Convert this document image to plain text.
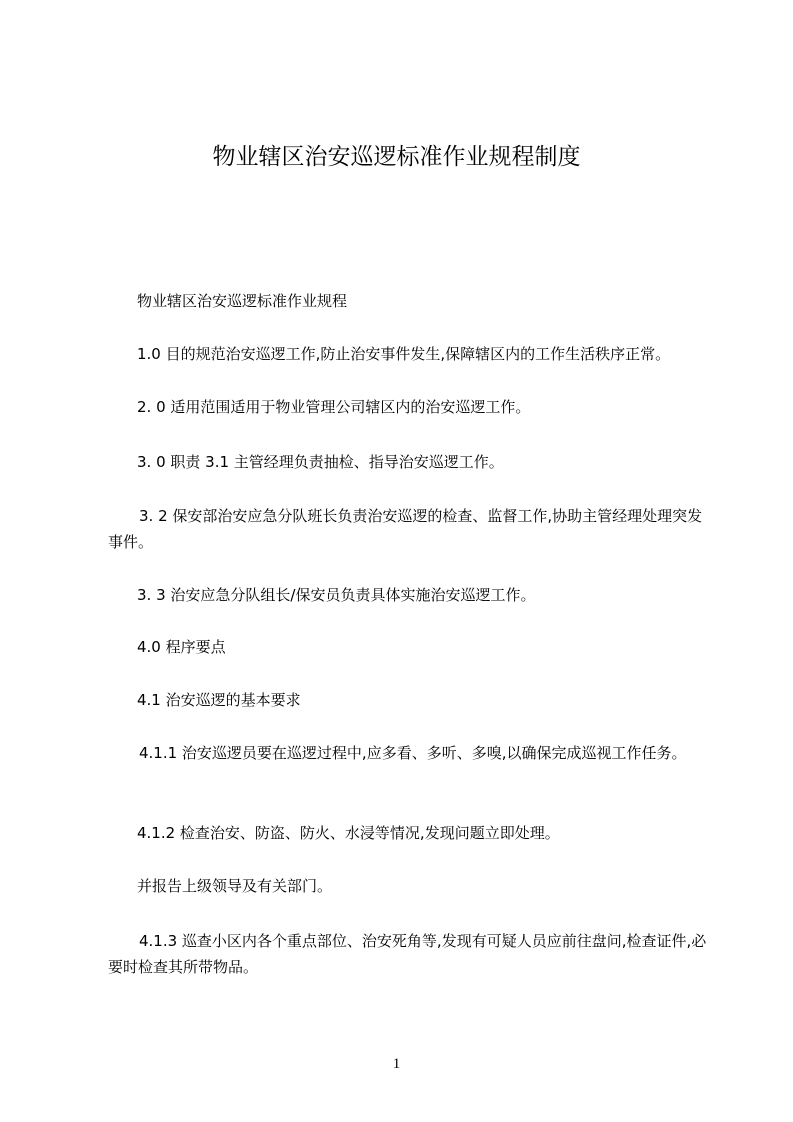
物业辖区治安巡逻标准作业规程制度

物业辖区治安巡逻标准作业规程

1.0 目的规范治安巡逻工作,防止治安事件发生,保障辖区内的工作生活秩序正常。

2. 0 适用范围适用于物业管理公司辖区内的治安巡逻工作。

3. 0 职责 3.1 主管经理负责抽检、指导治安巡逻工作。

3. 2 保安部治安应急分队班长负责治安巡逻的检查、监督工作,协助主管经理处理突发事件。

3. 3 治安应急分队组长/保安员负责具体实施治安巡逻工作。

4.0 程序要点

4.1 治安巡逻的基本要求

4.1.1 治安巡逻员要在巡逻过程中,应多看、多听、多嗅,以确保完成巡视工作任务。

4.1.2 检查治安、防盗、防火、水浸等情况,发现问题立即处理。

并报告上级领导及有关部门。

4.1.3 巡查小区内各个重点部位、治安死角等,发现有可疑人员应前往盘问,检查证件,必要时检查其所带物品。

1
